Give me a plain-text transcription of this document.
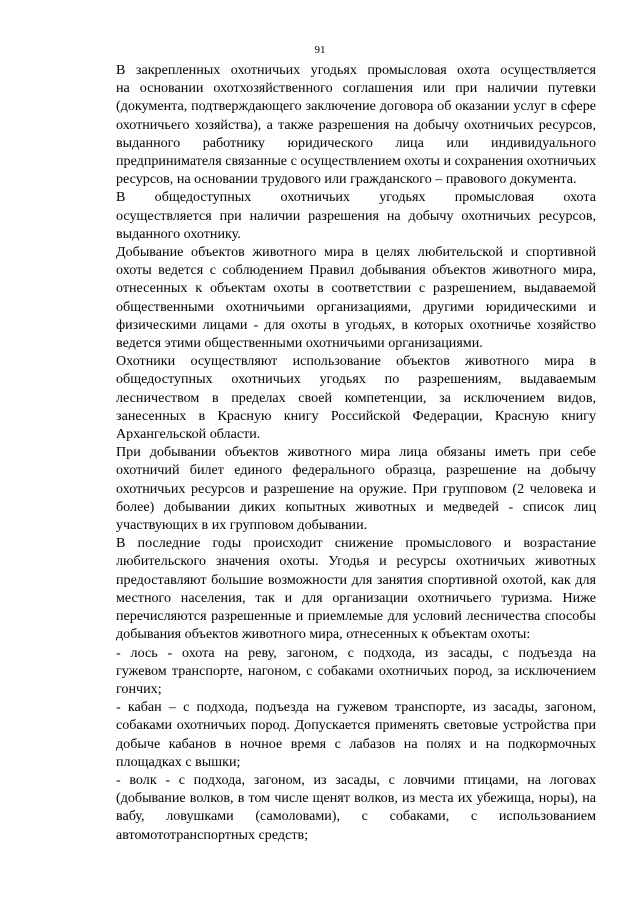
91

В закрепленных охотничьих угодьях промысловая охота осуществляется
на основании охотхозяйственного соглашения или при наличии путевки
(документа, подтверждающего заключение договора об оказании услуг в сфере
охотничьего хозяйства), а также разрешения на добычу охотничьих ресурсов,
выданного работнику юридического лица или индивидуального
предпринимателя связанные с осуществлением охоты и сохранения охотничьих
ресурсов, на основании трудового или гражданского – правового документа.

В общедоступных охотничьих угодьях промысловая охота
осуществляется при наличии разрешения на добычу охотничьих ресурсов,
выданного охотнику.

Добывание объектов животного мира в целях любительской и спортивной
охоты ведется с соблюдением Правил добывания объектов животного мира,
отнесенных к объектам охоты в соответствии с разрешением, выдаваемой
общественными охотничьими организациями, другими юридическими и
физическими лицами - для охоты в угодьях, в которых охотничье хозяйство
ведется этими общественными охотничьими организациями.

Охотники осуществляют использование объектов животного мира в
общедоступных охотничьих угодьях по разрешениям, выдаваемым
лесничеством в пределах своей компетенции, за исключением видов,
занесенных в Красную книгу Российской Федерации, Красную книгу
Архангельской области.

При добывании объектов животного мира лица обязаны иметь при себе
охотничий билет единого федерального образца, разрешение на добычу
охотничьих ресурсов и разрешение на оружие. При групповом (2 человека и
более) добывании диких копытных животных и медведей - список лиц
участвующих в их групповом добывании.

В последние годы происходит снижение промыслового и возрастание
любительского значения охоты. Угодья и ресурсы охотничьих животных
предоставляют большие возможности для занятия спортивной охотой, как для
местного населения, так и для организации охотничьего туризма. Ниже
перечисляются разрешенные и приемлемые для условий лесничества способы
добывания объектов животного мира, отнесенных к объектам охоты:

- лось - охота на реву, загоном, с подхода, из засады, с подъезда на
гужевом транспорте, нагоном, с собаками охотничьих пород, за исключением
гончих;

- кабан – с подхода, подъезда на гужевом транспорте, из засады, загоном,
собаками охотничьих пород. Допускается применять световые устройства при
добыче кабанов в ночное время с лабазов на полях и на подкормочных
площадках с вышки;

- волк - с подхода, загоном, из засады, с ловчими птицами, на логовах
(добывание волков, в том числе щенят волков, из места их убежища, норы), на
вабу, ловушками (самоловами), с собаками, с использованием
автомототранспортных средств;
